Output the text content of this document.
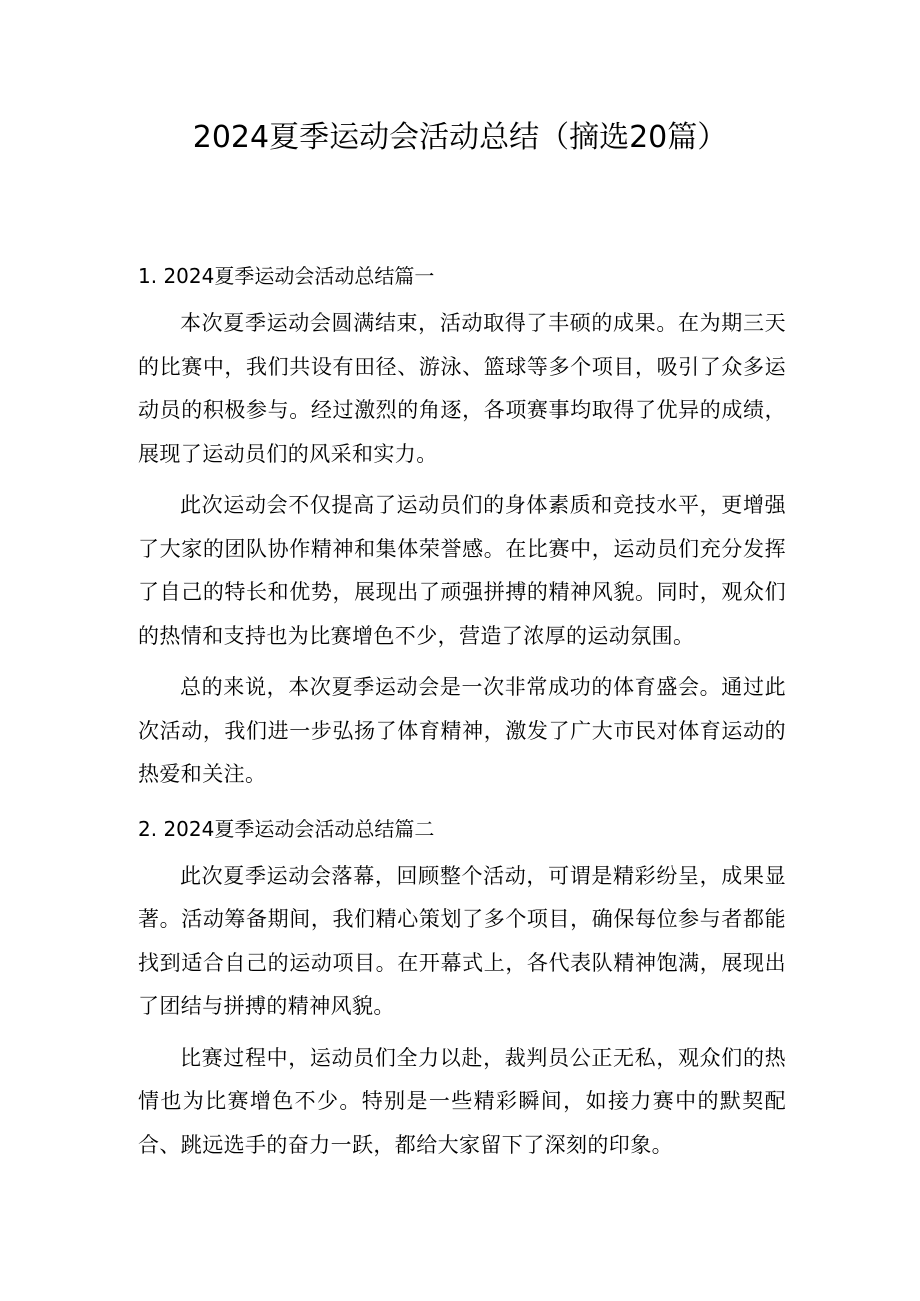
2024夏季运动会活动总结（摘选20篇）
1. 2024夏季运动会活动总结篇一

本次夏季运动会圆满结束，活动取得了丰硕的成果。在为期三天的比赛中，我们共设有田径、游泳、篮球等多个项目，吸引了众多运动员的积极参与。经过激烈的角逐，各项赛事均取得了优异的成绩，展现了运动员们的风采和实力。

此次运动会不仅提高了运动员们的身体素质和竞技水平，更增强了大家的团队协作精神和集体荣誉感。在比赛中，运动员们充分发挥了自己的特长和优势，展现出了顽强拼搏的精神风貌。同时，观众们的热情和支持也为比赛增色不少，营造了浓厚的运动氛围。

总的来说，本次夏季运动会是一次非常成功的体育盛会。通过此次活动，我们进一步弘扬了体育精神，激发了广大市民对体育运动的热爱和关注。

2. 2024夏季运动会活动总结篇二

此次夏季运动会落幕，回顾整个活动，可谓是精彩纷呈，成果显著。活动筹备期间，我们精心策划了多个项目，确保每位参与者都能找到适合自己的运动项目。在开幕式上，各代表队精神饱满，展现出了团结与拼搏的精神风貌。

比赛过程中，运动员们全力以赴，裁判员公正无私，观众们的热情也为比赛增色不少。特别是一些精彩瞬间，如接力赛中的默契配合、跳远选手的奋力一跃，都给大家留下了深刻的印象。
